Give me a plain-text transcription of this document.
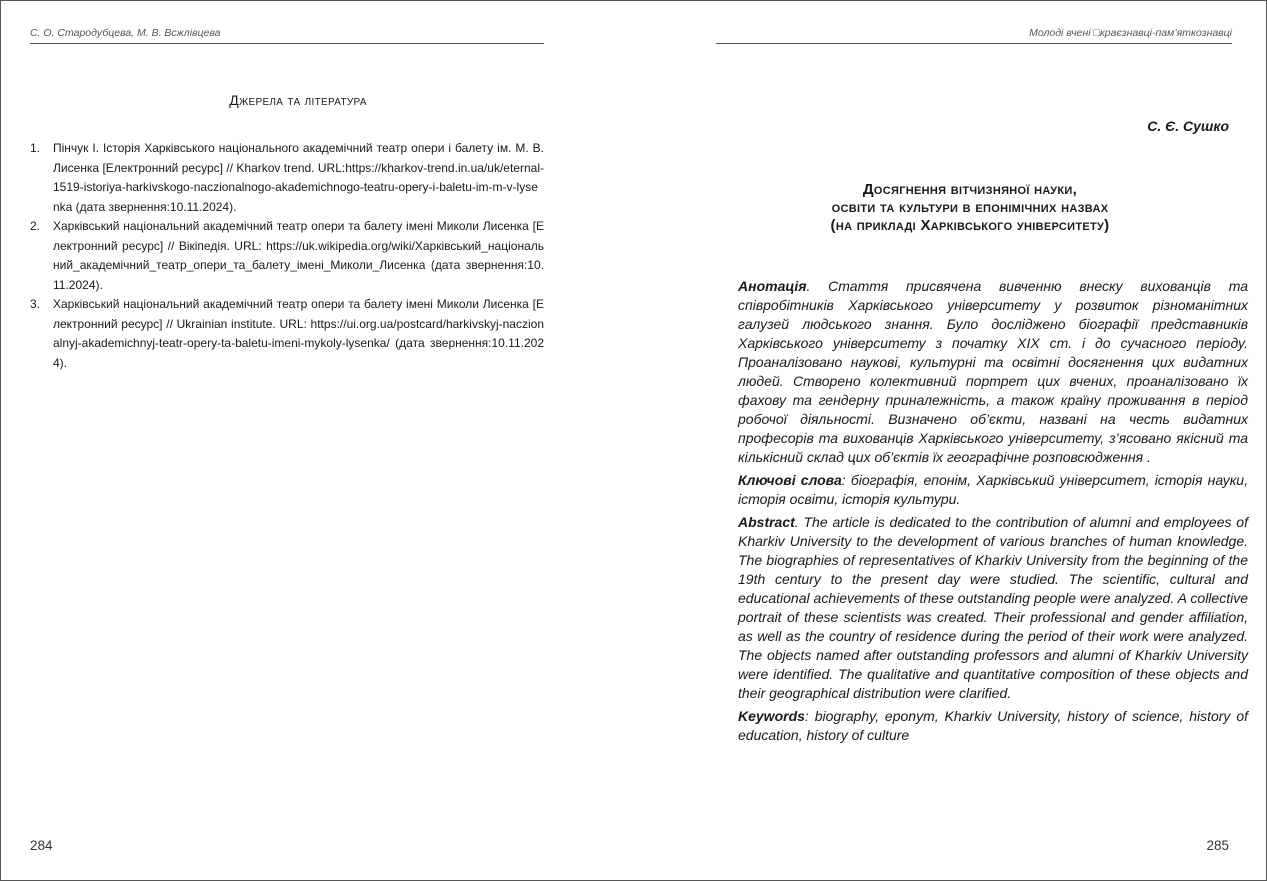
С. О. Стародубцева, М. В. Всжлівцева
Джерела та література
1. Пінчук І. Історія Харківського національного академічний театр опери і балету ім. М. В. Лисенка [Електронний ресурс] // Kharkov trend. URL:https://kharkov-trend.in.ua/uk/eternal-1519-istoriya-harkivskogo-naczionalnogo-akademichnogo-teatru-opery-i-baletu-im-m-v-lysenka (дата звернення:10.11.2024).
2. Харківський національний академічний театр опери та балету імені Миколи Лисенка [Електронний ресурс] // Вікіпедія. URL: https://uk.wikipedia.org/wiki/Харківський_національний_академічний_театр_опери_та_балету_імені_Миколи_Лисенка (дата звернення:10.11.2024).
3. Харківський національний академічний театр опери та балету імені Миколи Лисенка [Електронний ресурс] // Ukrainian institute. URL: https://ui.org.ua/postcard/harkivskyj-naczionalnyj-akademichnyj-teatr-opery-ta-baletu-imeni-mykoly-lysenka/ (дата звернення:10.11.2024).
284
Молоді вчені □краєзнавці-пам’яткознавці
С. Є. Сушко
Досягнення вітчизняної науки,
освіти та культури в епонімічних назвах
(на прикладі Харківського університету)

Анотація. Стаття присвячена вивченню внеску вихованців та співробітників Харківського університету у розвиток різноманітних галузей людського знання. Було досліджено біографії представників Харківського університету з початку XIX ст. і до сучасного періоду. Проаналізовано наукові, культурні та освітні досягнення цих видатних людей. Створено колективний портрет цих вчених, проаналізовано їх фахову та гендерну приналежність, а також країну проживання в період робочої діяльності. Визначено об’єкти, названі на честь видатних професорів та вихованців Харківського університету, з’ясовано якісний та кількісний склад цих об’єктів їх географічне розповсюдження .

Ключові слова: біографія, епонім, Харківський університет, історія науки, історія освіти, історія культури.

Abstract. The article is dedicated to the contribution of alumni and employees of Kharkiv University to the development of various branches of human knowledge. The biographies of representatives of Kharkiv University from the beginning of the 19th century to the present day were studied. The scientific, cultural and educational achievements of these outstanding people were analyzed. A collective portrait of these scientists was created. Their professional and gender affiliation, as well as the country of residence during the period of their work were analyzed. The objects named after outstanding professors and alumni of Kharkiv University were identified. The qualitative and quantitative composition of these objects and their geographical distribution were clarified.

Keywords: biography, eponym, Kharkiv University, history of science, history of education, history of culture

285
